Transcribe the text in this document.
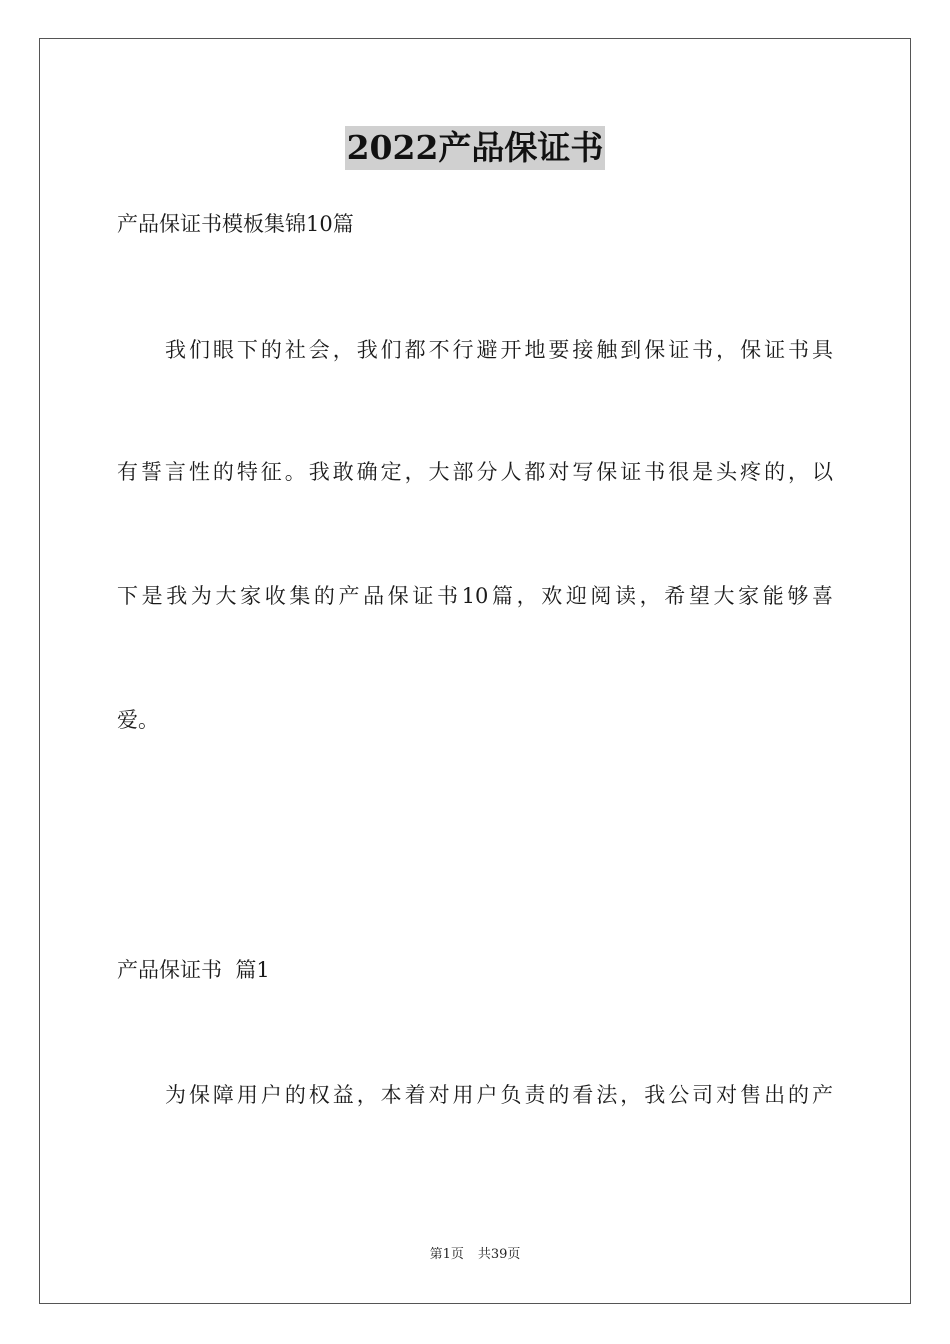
2022产品保证书
产品保证书模板集锦10篇
我们眼下的社会，我们都不行避开地要接触到保证书，保证书具
有誓言性的特征。我敢确定，大部分人都对写保证书很是头疼的，以
下是我为大家收集的产品保证书10篇，欢迎阅读，希望大家能够喜
爱。
产品保证书  篇1
为保障用户的权益，本着对用户负责的看法，我公司对售出的产
第1页 共39页
